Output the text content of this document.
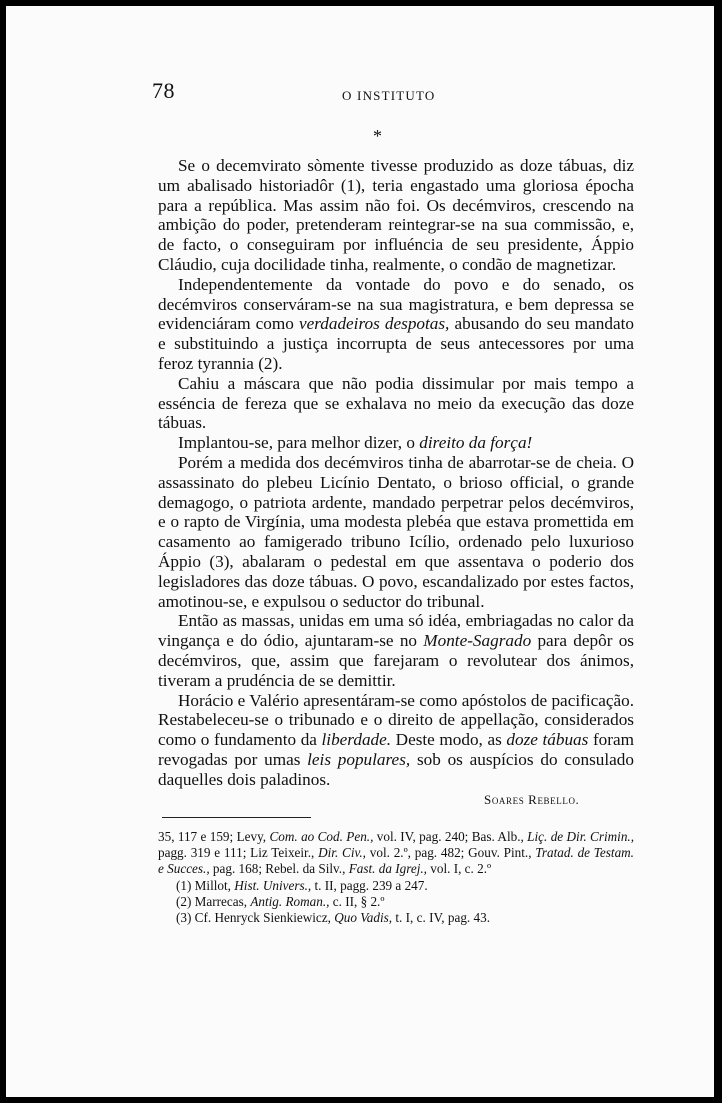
78	O INSTITUTO
*

Se o decemvirato sòmente tivesse produzido as doze tábuas, diz um abalisado historiadôr (1), teria engastado uma gloriosa épocha para a república. Mas assim não foi. Os decémviros, crescendo na ambição do poder, pretenderam reintegrar-se na sua commissão, e, de facto, o conseguiram por influéncia de seu presidente, Áppio Cláudio, cuja docilidade tinha, realmente, o condão de magnetizar.

Independentemente da vontade do povo e do senado, os decémviros conserváram-se na sua magistratura, e bem depressa se evidenciáram como verdadeiros despotas, abusando do seu mandato e substituindo a justiça incorrupta de seus antecessores por uma feroz tyrannia (2).

Cahiu a máscara que não podia dissimular por mais tempo a esséncia de fereza que se exhalava no meio da execução das doze tábuas.

Implantou-se, para melhor dizer, o direito da força!

Porém a medida dos decémviros tinha de abarrotar-se de cheia. O assassinato do plebeu Licínio Dentato, o brioso official, o grande demagogo, o patriota ardente, mandado perpetrar pelos decémviros, e o rapto de Virgínia, uma modesta plebéa que estava promettida em casamento ao famigerado tribuno Icílio, ordenado pelo luxurioso Áppio (3), abalaram o pedestal em que assentava o poderio dos legisladores das doze tábuas. O povo, escandalizado por estes factos, amotinou-se, e expulsou o seductor do tribunal.

Então as massas, unidas em uma só idéa, embriagadas no calor da vingança e do ódio, ajuntaram-se no Monte-Sagrado para depôr os decémviros, que, assim que farejaram o revolutear dos ánimos, tiveram a prudéncia de se demittir.

Horácio e Valério apresentáram-se como apóstolos de pacificação. Restabeleceu-se o tribunado e o direito de appellação, considerados como o fundamento da liberdade. Deste modo, as doze tábuas foram revogadas por umas leis populares, sob os auspícios do consulado daquelles dois paladinos.

Soares Rebello.

35, 117 e 159; Levy, Com. ao Cod. Pen., vol. IV, pag. 240; Bas. Alb., Liç. de Dir. Crimin., pagg. 319 e 111; Liz Teixeir., Dir. Civ., vol. 2.º, pag. 482; Gouv. Pint., Tratad. de Testam. e Succes., pag. 168; Rebel. da Silv., Fast. da Igrej., vol. I, c. 2.º

(1) Millot, Hist. Univers., t. II, pagg. 239 a 247.

(2) Marrecas, Antig. Roman., c. II, § 2.º

(3) Cf. Henryck Sienkiewicz, Quo Vadis, t. I, c. IV, pag. 43.
